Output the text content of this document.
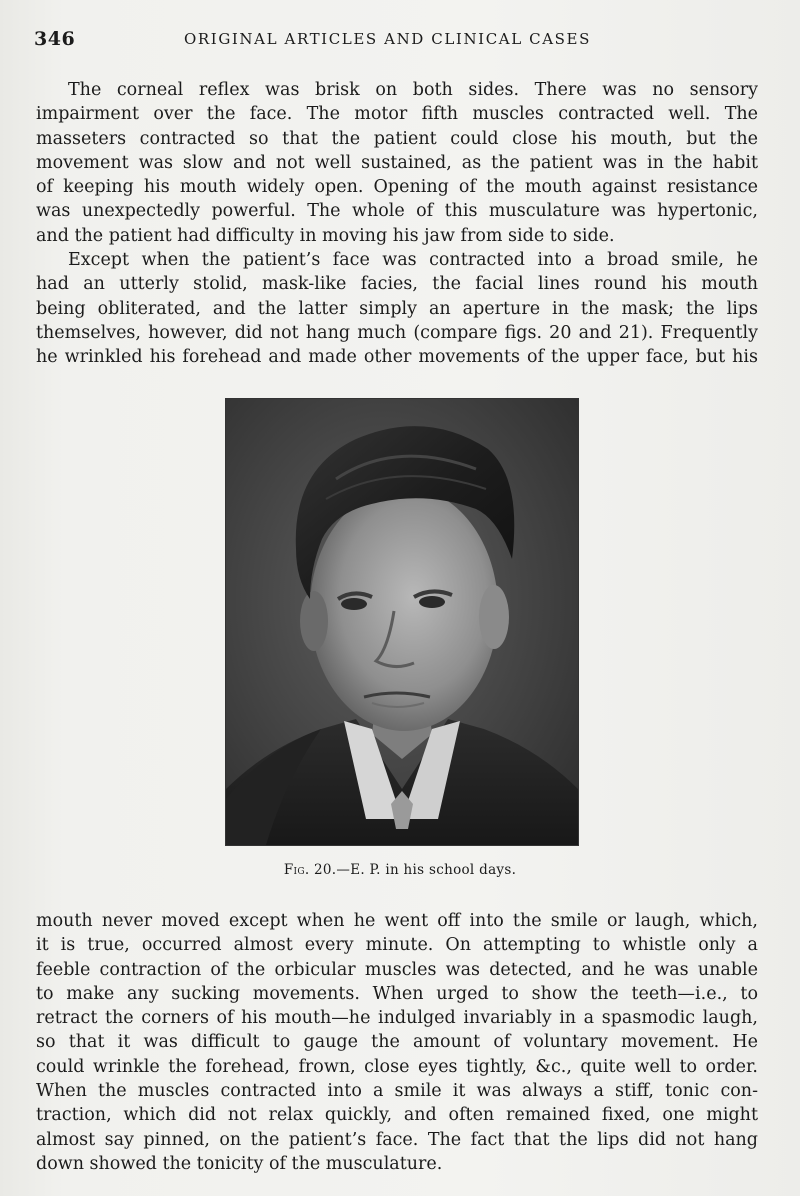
346	ORIGINAL ARTICLES AND CLINICAL CASES
The corneal reflex was brisk on both sides. There was no sensory
impairment over the face. The motor fifth muscles contracted well. The
masseters contracted so that the patient could close his mouth, but the
movement was slow and not well sustained, as the patient was in the habit
of keeping his mouth widely open. Opening of the mouth against resistance
was unexpectedly powerful. The whole of this musculature was hypertonic,
and the patient had difficulty in moving his jaw from side to side.
Except when the patient’s face was contracted into a broad smile, he
had an utterly stolid, mask-like facies, the facial lines round his mouth
being obliterated, and the latter simply an aperture in the mask; the lips
themselves, however, did not hang much (compare figs. 20 and 21). Frequently
he wrinkled his forehead and made other movements of the upper face, but his
Fig. 20.—E. P. in his school days.
mouth never moved except when he went off into the smile or laugh, which,
it is true, occurred almost every minute. On attempting to whistle only a
feeble contraction of the orbicular muscles was detected, and he was unable
to make any sucking movements. When urged to show the teeth—i.e., to
retract the corners of his mouth—he indulged invariably in a spasmodic laugh,
so that it was difficult to gauge the amount of voluntary movement. He
could wrinkle the forehead, frown, close eyes tightly, &c., quite well to order.
When the muscles contracted into a smile it was always a stiff, tonic con-
traction, which did not relax quickly, and often remained fixed, one might
almost say pinned, on the patient’s face. The fact that the lips did not hang
down showed the tonicity of the musculature.
